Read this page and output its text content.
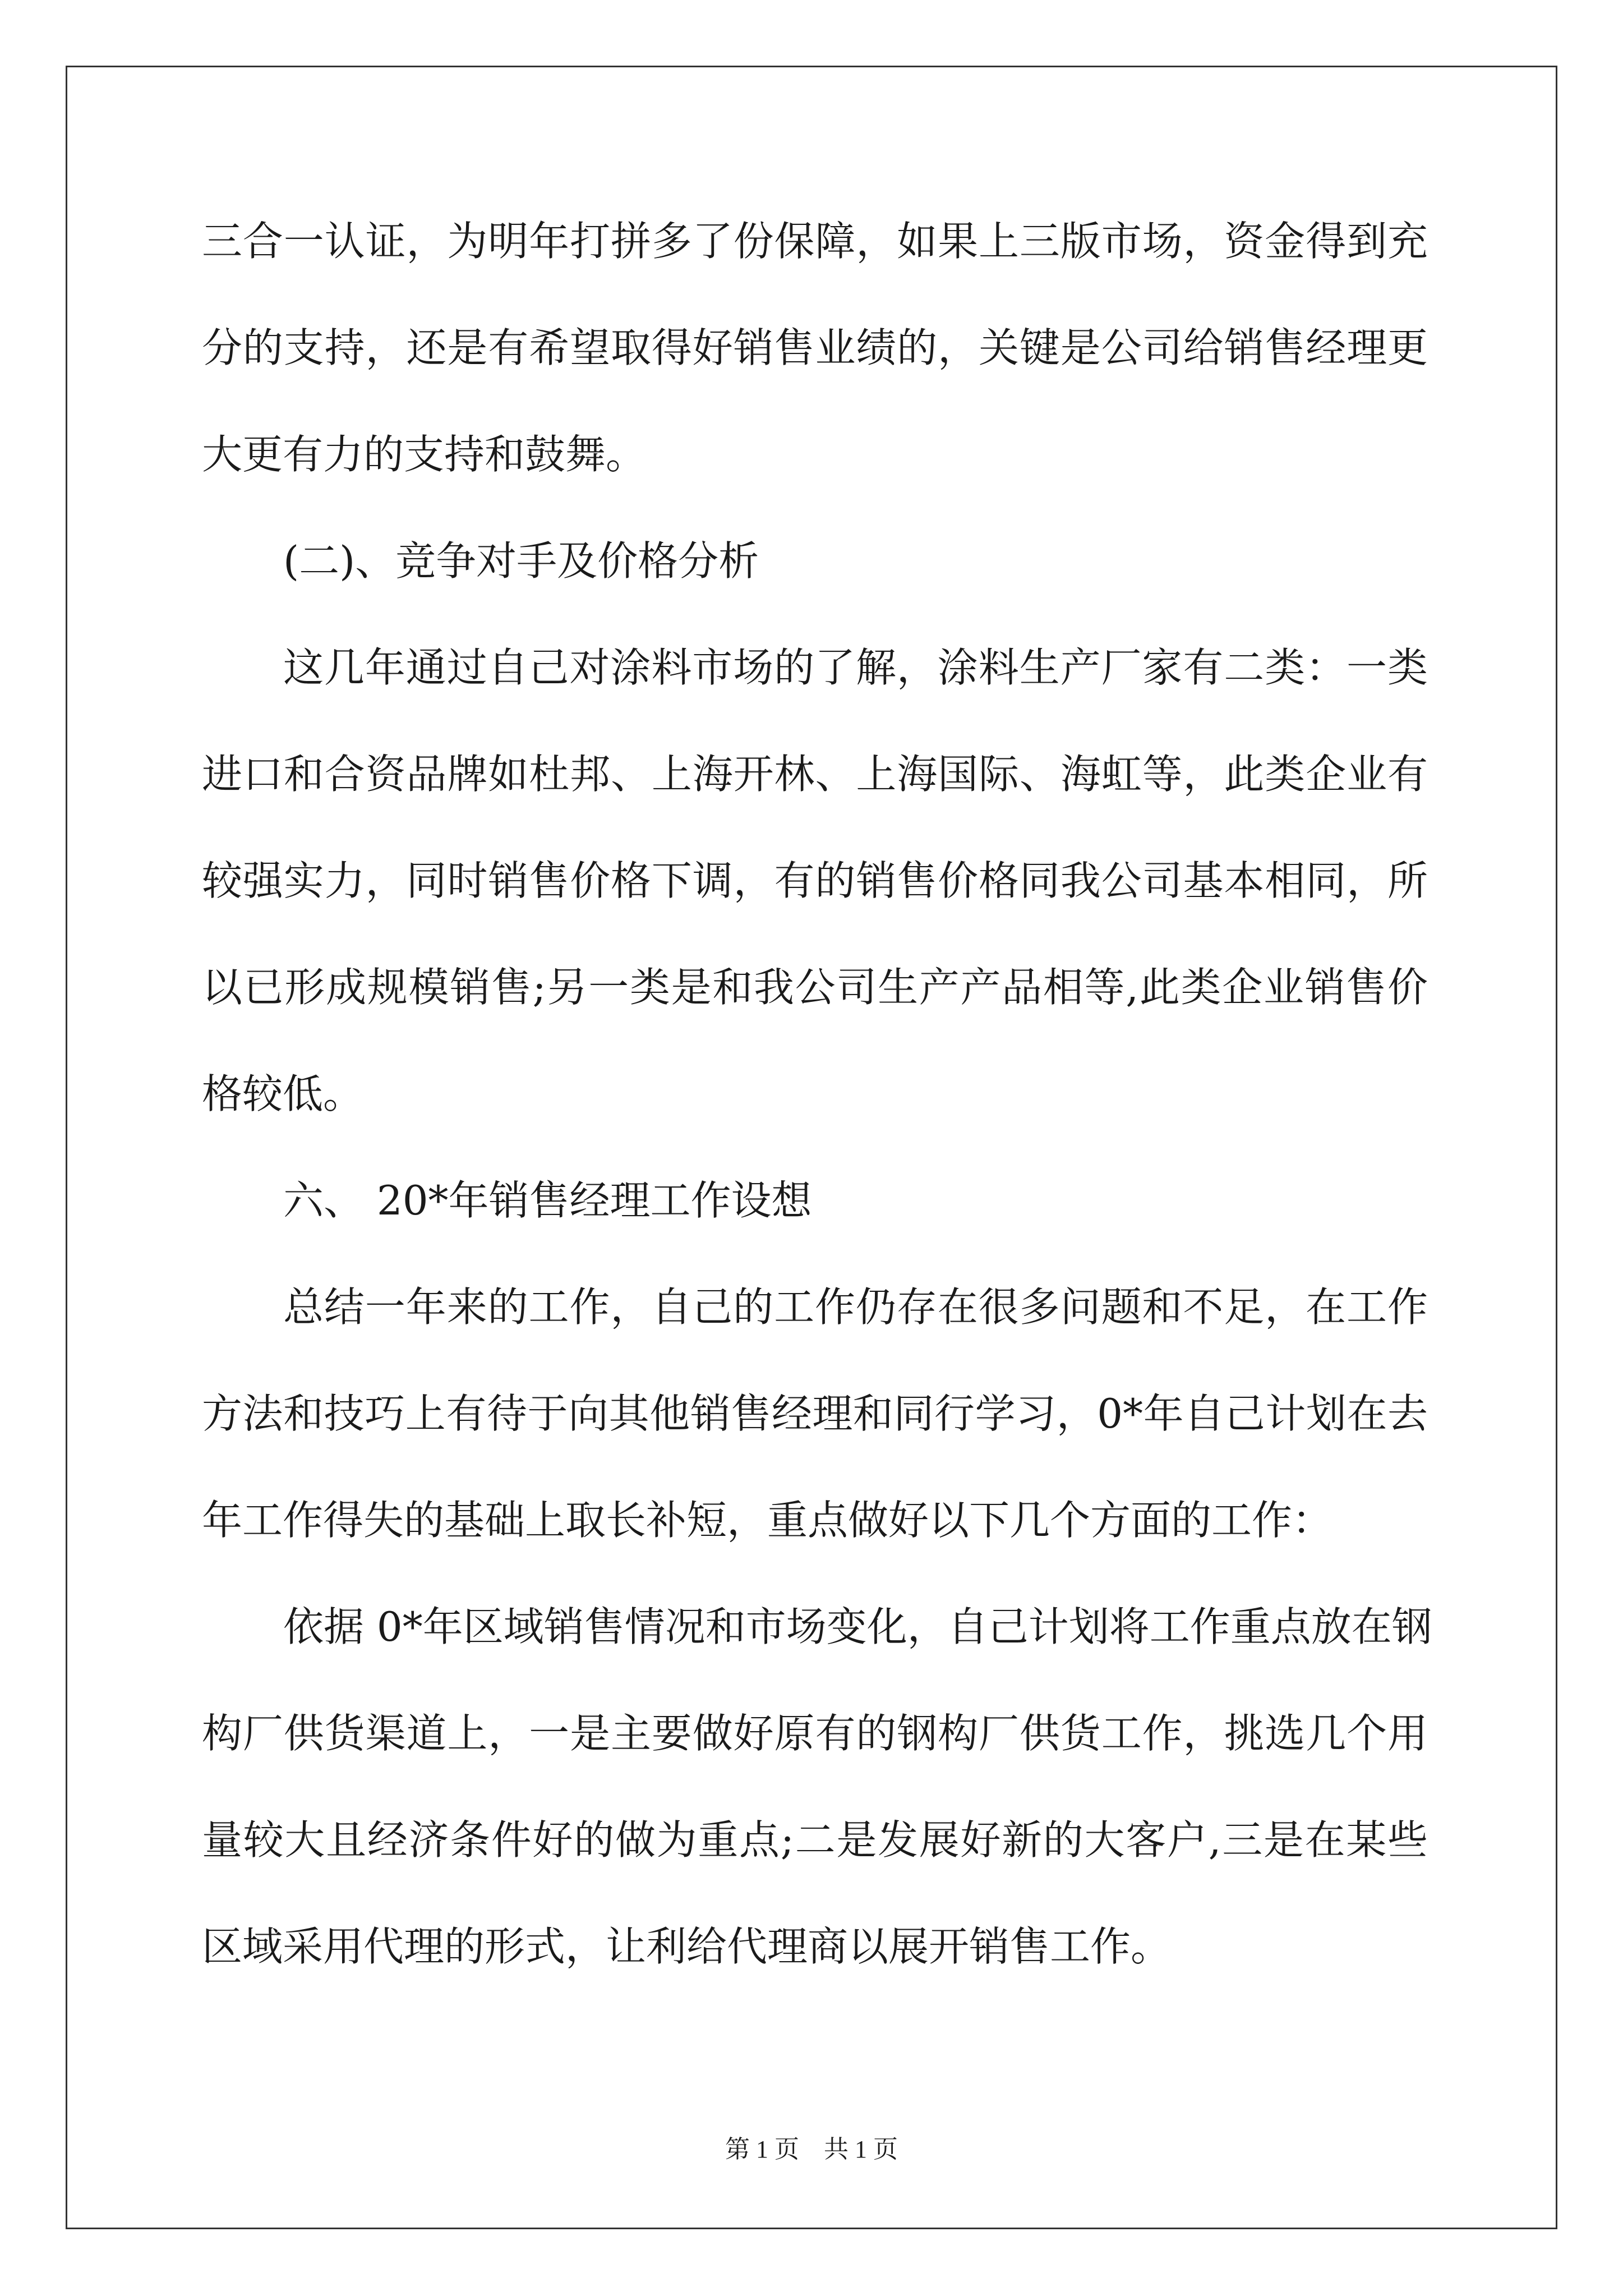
三合一认证，为明年打拼多了份保障，如果上三版市场，资金得到充
分的支持，还是有希望取得好销售业绩的，关键是公司给销售经理更
大更有力的支持和鼓舞。
(二)、竞争对手及价格分析
这几年通过自己对涂料市场的了解，涂料生产厂家有二类：一类
进口和合资品牌如杜邦、上海开林、上海国际、海虹等，此类企业有
较强实力，同时销售价格下调，有的销售价格同我公司基本相同，所
以已形成规模销售;另一类是和我公司生产产品相等,此类企业销售价
格较低。
六、 20*年销售经理工作设想
总结一年来的工作，自己的工作仍存在很多问题和不足，在工作
方法和技巧上有待于向其他销售经理和同行学习，0*年自己计划在去
年工作得失的基础上取长补短，重点做好以下几个方面的工作：
依据 0*年区域销售情况和市场变化，自己计划将工作重点放在钢
构厂供货渠道上，一是主要做好原有的钢构厂供货工作，挑选几个用
量较大且经济条件好的做为重点;二是发展好新的大客户,三是在某些
区域采用代理的形式，让利给代理商以展开销售工作。
第 1 页　共 1 页
